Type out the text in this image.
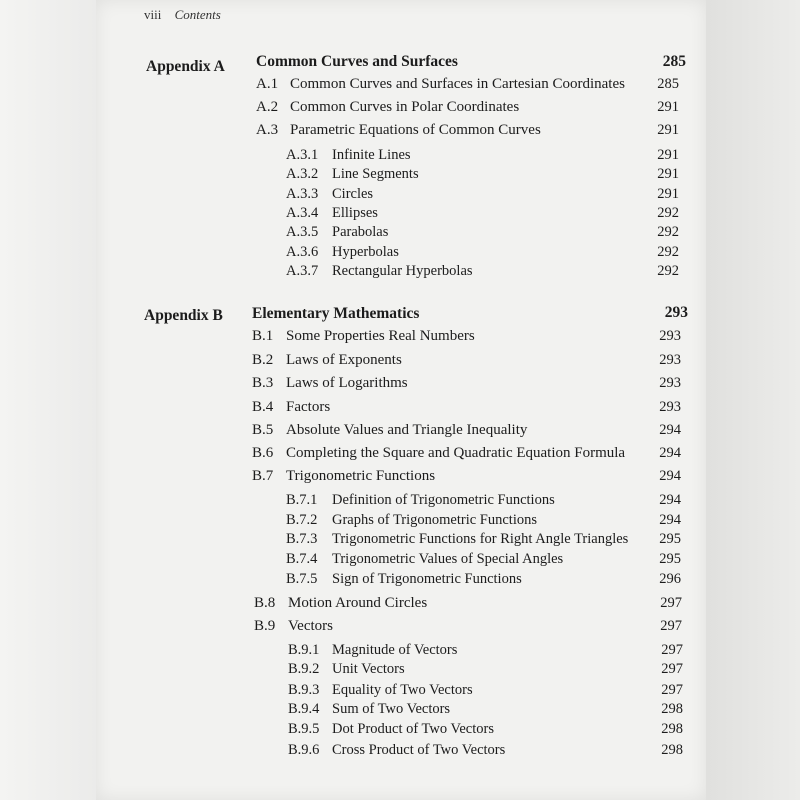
viii Contents
Appendix A Common Curves and Surfaces	285
A.1 Common Curves and Surfaces in Cartesian Coordinates	285
A.2 Common Curves in Polar Coordinates	291
A.3 Parametric Equations of Common Curves	291
A.3.1 Infinite Lines	291
A.3.2 Line Segments	291
A.3.3 Circles	291
A.3.4 Ellipses	292
A.3.5 Parabolas	292
A.3.6 Hyperbolas	292
A.3.7 Rectangular Hyperbolas	292
Appendix B Elementary Mathematics	293
B.1 Some Properties Real Numbers	293
B.2 Laws of Exponents	293
B.3 Laws of Logarithms	293
B.4 Factors	293
B.5 Absolute Values and Triangle Inequality	294
B.6 Completing the Square and Quadratic Equation Formula	294
B.7 Trigonometric Functions	294
B.7.1 Definition of Trigonometric Functions	294
B.7.2 Graphs of Trigonometric Functions	294
B.7.3 Trigonometric Functions for Right Angle Triangles	295
B.7.4 Trigonometric Values of Special Angles	295
B.7.5 Sign of Trigonometric Functions	296
B.8 Motion Around Circles	297
B.9 Vectors	297
B.9.1 Magnitude of Vectors	297
B.9.2 Unit Vectors	297
B.9.3 Equality of Two Vectors	297
B.9.4 Sum of Two Vectors	298
B.9.5 Dot Product of Two Vectors	298
B.9.6 Cross Product of Two Vectors	298
